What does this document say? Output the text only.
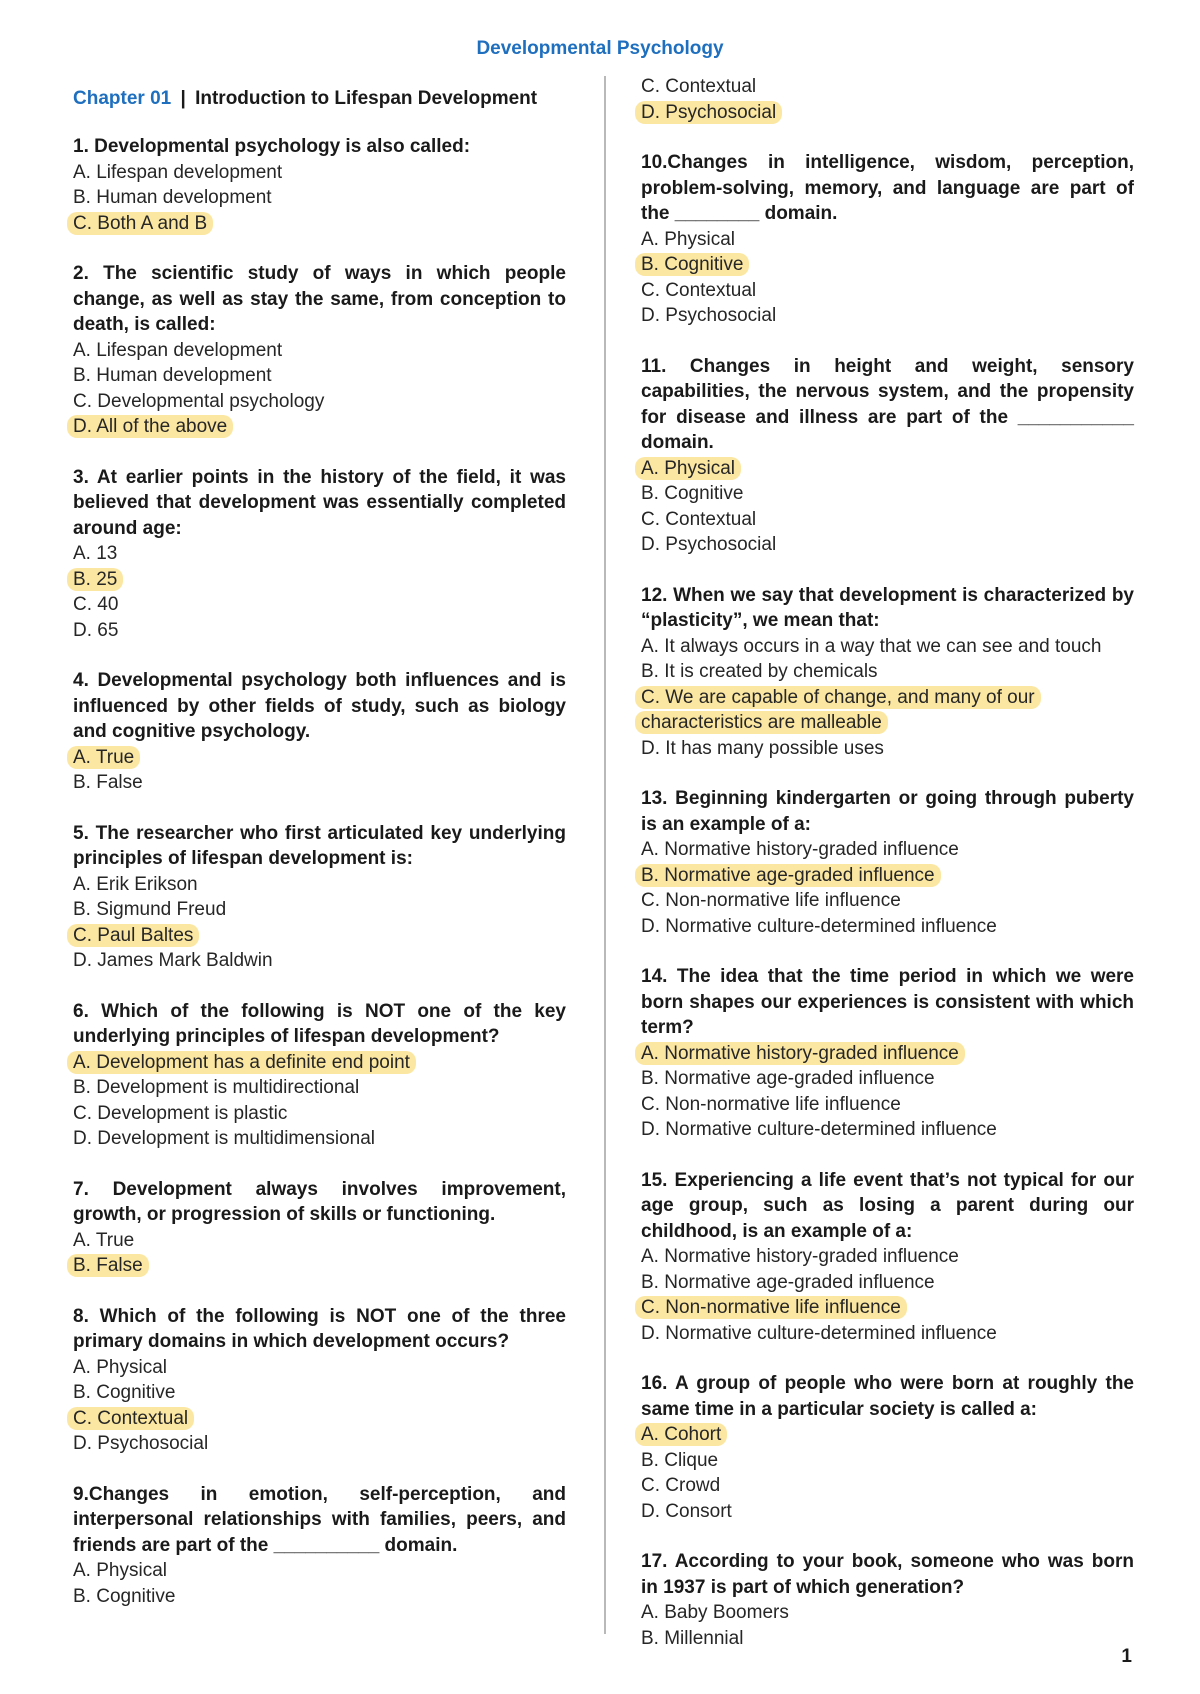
Developmental Psychology
Chapter 01 | Introduction to Lifespan Development
1. Developmental psychology is also called:
A. Lifespan development
B. Human development
C. Both A and B
2. The scientific study of ways in which people change, as well as stay the same, from conception to death, is called:
A. Lifespan development
B. Human development
C. Developmental psychology
D. All of the above
3. At earlier points in the history of the field, it was believed that development was essentially completed around age:
A. 13
B. 25
C. 40
D. 65
4. Developmental psychology both influences and is influenced by other fields of study, such as biology and cognitive psychology.
A. True
B. False
5. The researcher who first articulated key underlying principles of lifespan development is:
A. Erik Erikson
B. Sigmund Freud
C. Paul Baltes
D. James Mark Baldwin
6. Which of the following is NOT one of the key underlying principles of lifespan development?
A. Development has a definite end point
B. Development is multidirectional
C. Development is plastic
D. Development is multidimensional
7. Development always involves improvement, growth, or progression of skills or functioning.
A. True
B. False
8. Which of the following is NOT one of the three primary domains in which development occurs?
A. Physical
B. Cognitive
C. Contextual
D. Psychosocial
9.Changes in emotion, self-perception, and interpersonal relationships with families, peers, and friends are part of the __________ domain.
A. Physical
B. Cognitive
C. Contextual
D. Psychosocial
10.Changes in intelligence, wisdom, perception, problem-solving, memory, and language are part of the ________ domain.
A. Physical
B. Cognitive
C. Contextual
D. Psychosocial
11. Changes in height and weight, sensory capabilities, the nervous system, and the propensity for disease and illness are part of the ___________ domain.
A. Physical
B. Cognitive
C. Contextual
D. Psychosocial
12. When we say that development is characterized by “plasticity”, we mean that:
A. It always occurs in a way that we can see and touch
B. It is created by chemicals
C. We are capable of change, and many of our
characteristics are malleable
D. It has many possible uses
13. Beginning kindergarten or going through puberty is an example of a:
A. Normative history-graded influence
B. Normative age-graded influence
C. Non-normative life influence
D. Normative culture-determined influence
14. The idea that the time period in which we were born shapes our experiences is consistent with which term?
A. Normative history-graded influence
B. Normative age-graded influence
C. Non-normative life influence
D. Normative culture-determined influence
15. Experiencing a life event that’s not typical for our age group, such as losing a parent during our childhood, is an example of a:
A. Normative history-graded influence
B. Normative age-graded influence
C. Non-normative life influence
D. Normative culture-determined influence
16. A group of people who were born at roughly the same time in a particular society is called a:
A. Cohort
B. Clique
C. Crowd
D. Consort
17. According to your book, someone who was born in 1937 is part of which generation?
A. Baby Boomers
B. Millennial
1
